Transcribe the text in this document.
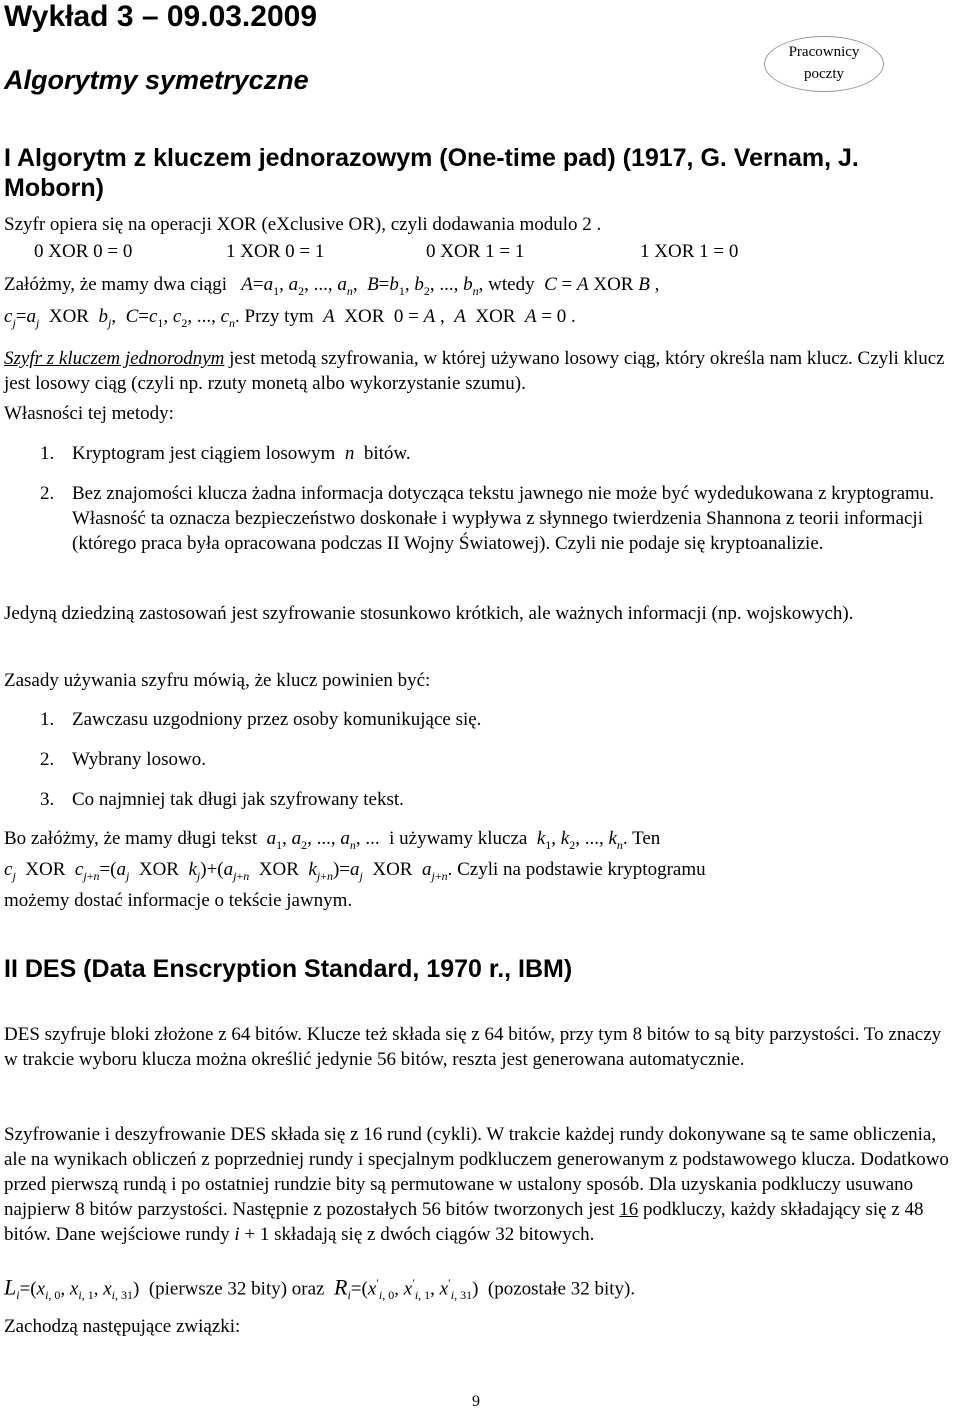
Wykład 3 – 09.03.2009
Algorytmy symetryczne
Pracownicy
poczty
I Algorytm z kluczem jednorazowym (One-time pad) (1917, G. Vernam, J. Moborn)
Szyfr opiera się na operacji XOR (eXclusive OR), czyli dodawania modulo 2 .
0 XOR 0 = 0	1 XOR 0 = 1	0 XOR 1 = 1	1 XOR 1 = 0
Załóżmy, że mamy dwa ciągi $A=a_1$, $a_2$, ..., $a_n$,  $B=b_1$, $b_2$, ..., $b_n$, wtedy C = A XOR B ,
$c_j=a_j$  XOR  $b_j$,  $C=c_1$, $c_2$, ..., $c_n$. Przy tym A  XOR  0 = A ,  A  XOR  A = 0 .
Szyfr z kluczem jednorodnym jest metodą szyfrowania, w której używano losowy ciąg, który określa nam klucz. Czyli klucz jest losowy ciąg (czyli np. rzuty monetą albo wykorzystanie szumu).
Własności tej metody:
1. Kryptogram jest ciągiem losowym n bitów.
2. Bez znajomości klucza żadna informacja dotycząca tekstu jawnego nie może być wydedukowana z kryptogramu. Własność ta oznacza bezpieczeństwo doskonałe i wypływa z słynnego twierdzenia Shannona z teorii informacji (którego praca była opracowana podczas II Wojny Światowej). Czyli nie podaje się kryptoanalizie.
Jedyną dziedziną zastosowań jest szyfrowanie stosunkowo krótkich, ale ważnych informacji (np. wojskowych).
Zasady używania szyfru mówią, że klucz powinien być:
1. Zawczasu uzgodniony przez osoby komunikujące się.
2. Wybrany losowo.
3. Co najmniej tak długi jak szyfrowany tekst.
Bo załóżmy, że mamy długi tekst $a_1$, $a_2$, ..., $a_n$, ...  i używamy klucza $k_1$, $k_2$, ..., $k_n$. Ten
$c_j$  XOR  $c_{j+n}=(a_j$  XOR  $k_j)+(a_{j+n}$  XOR  $k_{j+n})=a_j$  XOR  $a_{j+n}$. Czyli na podstawie kryptogramu
możemy dostać informacje o tekście jawnym.
II DES (Data Enscryption Standard, 1970 r., IBM)
DES szyfruje bloki złożone z 64 bitów. Klucze też składa się z 64 bitów, przy tym 8 bitów to są bity parzystości. To znaczy w trakcie wyboru klucza można określić jedynie 56 bitów, reszta jest generowana automatycznie.
Szyfrowanie i deszyfrowanie DES składa się z 16 rund (cykli). W trakcie każdej rundy dokonywane są te same obliczenia, ale na wynikach obliczeń z poprzedniej rundy i specjalnym podkluczem generowanym z podstawowego klucza. Dodatkowo przed pierwszą rundą i po ostatniej rundzie bity są permutowane w ustalony sposób. Dla uzyskania podkluczy usuwano najpierw 8 bitów parzystości. Następnie z pozostałych 56 bitów tworzonych jest 16 podkluczy, każdy składający się z 48 bitów. Dane wejściowe rundy i + 1 składają się z dwóch ciągów 32 bitowych.
$L_i=(x_{i, 0}$, $x_{i, 1}$, $x_{i, 31}$)  (pierwsze 32 bity) oraz $R_i=(x'_{i, 0}$, $x'_{i, 1}$, $x'_{i, 31}$)  (pozostałe 32 bity).
Zachodzą następujące związki:
9
